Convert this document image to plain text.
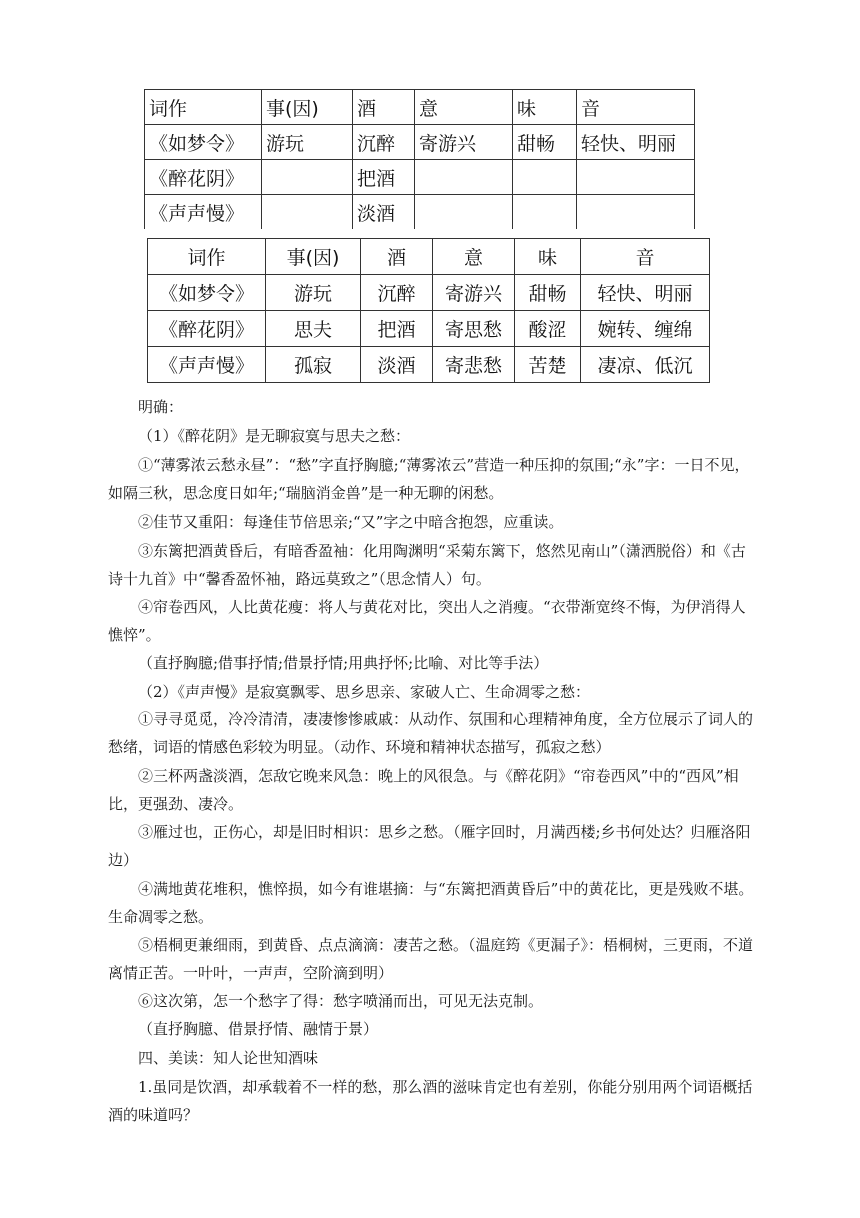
词作	事(因)	酒	意	味	音
《如梦令》	游玩	沉醉	寄游兴	甜畅	轻快、明丽
《醉花阴》		把酒			
《声声慢》		淡酒			
词作	事(因)	酒	意	味	音
《如梦令》	游玩	沉醉	寄游兴	甜畅	轻快、明丽
《醉花阴》	思夫	把酒	寄思愁	酸涩	婉转、缠绵
《声声慢》	孤寂	淡酒	寄悲愁	苦楚	凄凉、低沉

明确：

（1）《醉花阴》是无聊寂寞与思夫之愁：

①“薄雾浓云愁永昼”：“愁”字直抒胸臆;“薄雾浓云”营造一种压抑的氛围;“永”字：一日不见，如隔三秋，思念度日如年;“瑞脑消金兽”是一种无聊的闲愁。

②佳节又重阳：每逢佳节倍思亲;“又”字之中暗含抱怨，应重读。

③东篱把酒黄昏后，有暗香盈袖：化用陶渊明“采菊东篱下，悠然见南山”（潇洒脱俗）和《古诗十九首》中“馨香盈怀袖，路远莫致之”（思念情人）句。

④帘卷西风，人比黄花瘦：将人与黄花对比，突出人之消瘦。“衣带渐宽终不悔，为伊消得人憔悴”。

（直抒胸臆;借事抒情;借景抒情;用典抒怀;比喻、对比等手法）

（2）《声声慢》是寂寞飘零、思乡思亲、家破人亡、生命凋零之愁：

①寻寻觅觅，冷冷清清，凄凄惨惨戚戚：从动作、氛围和心理精神角度，全方位展示了词人的愁绪，词语的情感色彩较为明显。（动作、环境和精神状态描写，孤寂之愁）

②三杯两盏淡酒，怎敌它晚来风急：晚上的风很急。与《醉花阴》“帘卷西风”中的“西风”相比，更强劲、凄冷。

③雁过也，正伤心，却是旧时相识：思乡之愁。（雁字回时，月满西楼;乡书何处达？归雁洛阳边）

④满地黄花堆积，憔悴损，如今有谁堪摘：与“东篱把酒黄昏后”中的黄花比，更是残败不堪。生命凋零之愁。

⑤梧桐更兼细雨，到黄昏、点点滴滴：凄苦之愁。（温庭筠《更漏子》：梧桐树，三更雨，不道离情正苦。一叶叶，一声声，空阶滴到明）

⑥这次第，怎一个愁字了得：愁字喷涌而出，可见无法克制。

（直抒胸臆、借景抒情、融情于景）

四、美读：知人论世知酒味

1.虽同是饮酒，却承载着不一样的愁，那么酒的滋味肯定也有差别，你能分别用两个词语概括酒的味道吗？
